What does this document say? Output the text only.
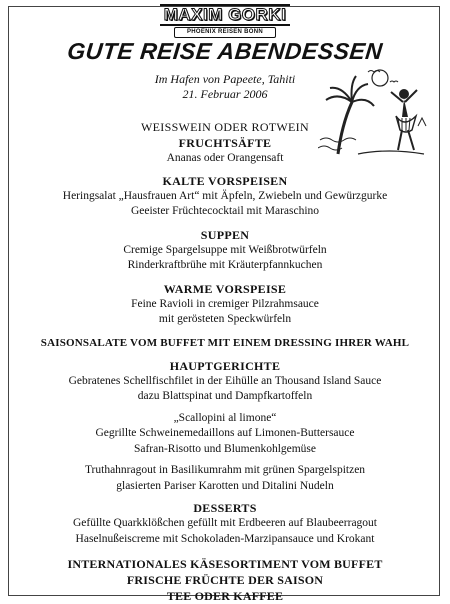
MAXIM GORKI
PHOENIX REISEN BONN
GUTE REISE ABENDESSEN
Im Hafen von Papeete, Tahiti
21. Februar 2006
WEISSWEIN ODER ROTWEIN
FRUCHTSÄFTE
Ananas oder Orangensaft
KALTE VORSPEISEN
Heringsalat „Hausfrauen Art“ mit Äpfeln, Zwiebeln und Gewürzgurke
Geeister Früchtecocktail mit Maraschino
SUPPEN
Cremige Spargelsuppe mit Weißbrotwürfeln
Rinderkraftbrühe mit Kräuterpfannkuchen
WARME VORSPEISE
Feine Ravioli in cremiger Pilzrahmsauce
mit gerösteten Speckwürfeln
SAISONSALATE VOM BUFFET MIT EINEM DRESSING IHRER WAHL
HAUPTGERICHTE
Gebratenes Schellfischfilet in der Eihülle an Thousand Island Sauce
dazu Blattspinat und Dampfkartoffeln
„Scallopini al limone“
Gegrillte Schweinemedaillons auf Limonen-Buttersauce
Safran-Risotto und Blumenkohlgemüse
Truthahnragout in Basilikumrahm mit grünen Spargelspitzen
glasierten Pariser Karotten und Ditalini Nudeln
DESSERTS
Gefüllte Quarkklößchen gefüllt mit Erdbeeren auf Blaubeerragout
Haselnußeiscreme mit Schokoladen-Marzipansauce und Krokant
INTERNATIONALES KÄSESORTIMENT VOM BUFFET
FRISCHE FRÜCHTE DER SAISON
TEE ODER KAFFEE
